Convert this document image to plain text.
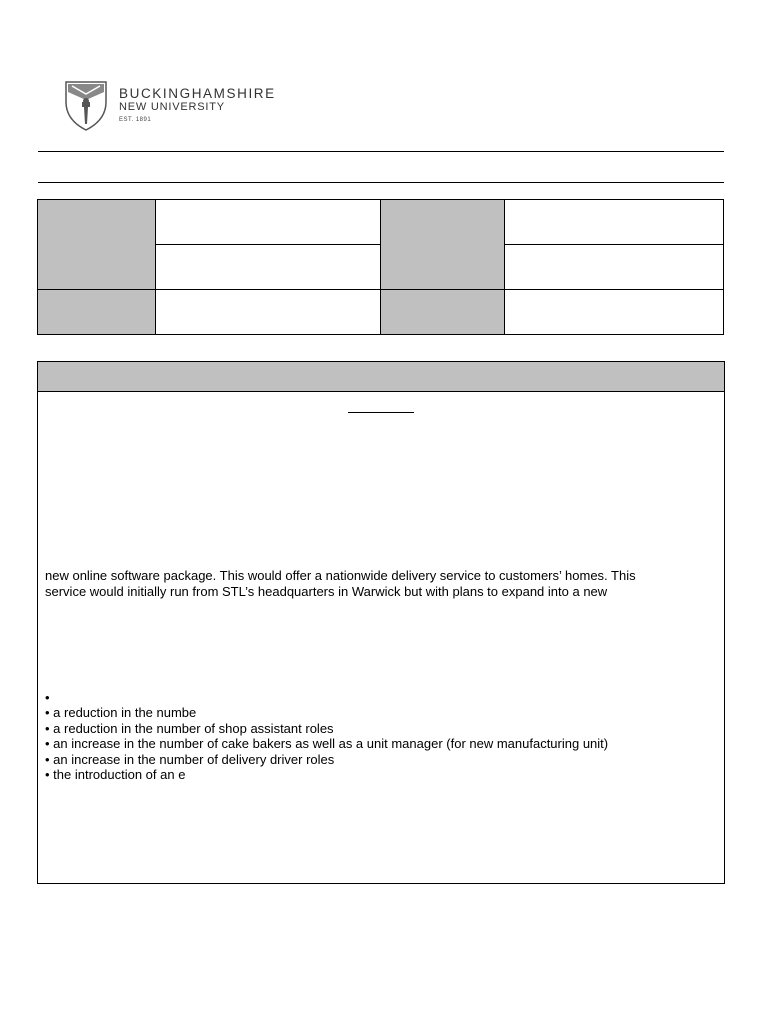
BUCKINGHAMSHIRE
NEW UNIVERSITY
EST. 1891

new online software package. This would offer a nationwide delivery service to customers’ homes. This
service would initially run from STL’s headquarters in Warwick but with plans to expand into a new
•
• a reduction in the numbe
• a reduction in the number of shop assistant roles
• an increase in the number of cake bakers as well as a unit manager (for new manufacturing unit)
• an increase in the number of delivery driver roles
• the introduction of an e
